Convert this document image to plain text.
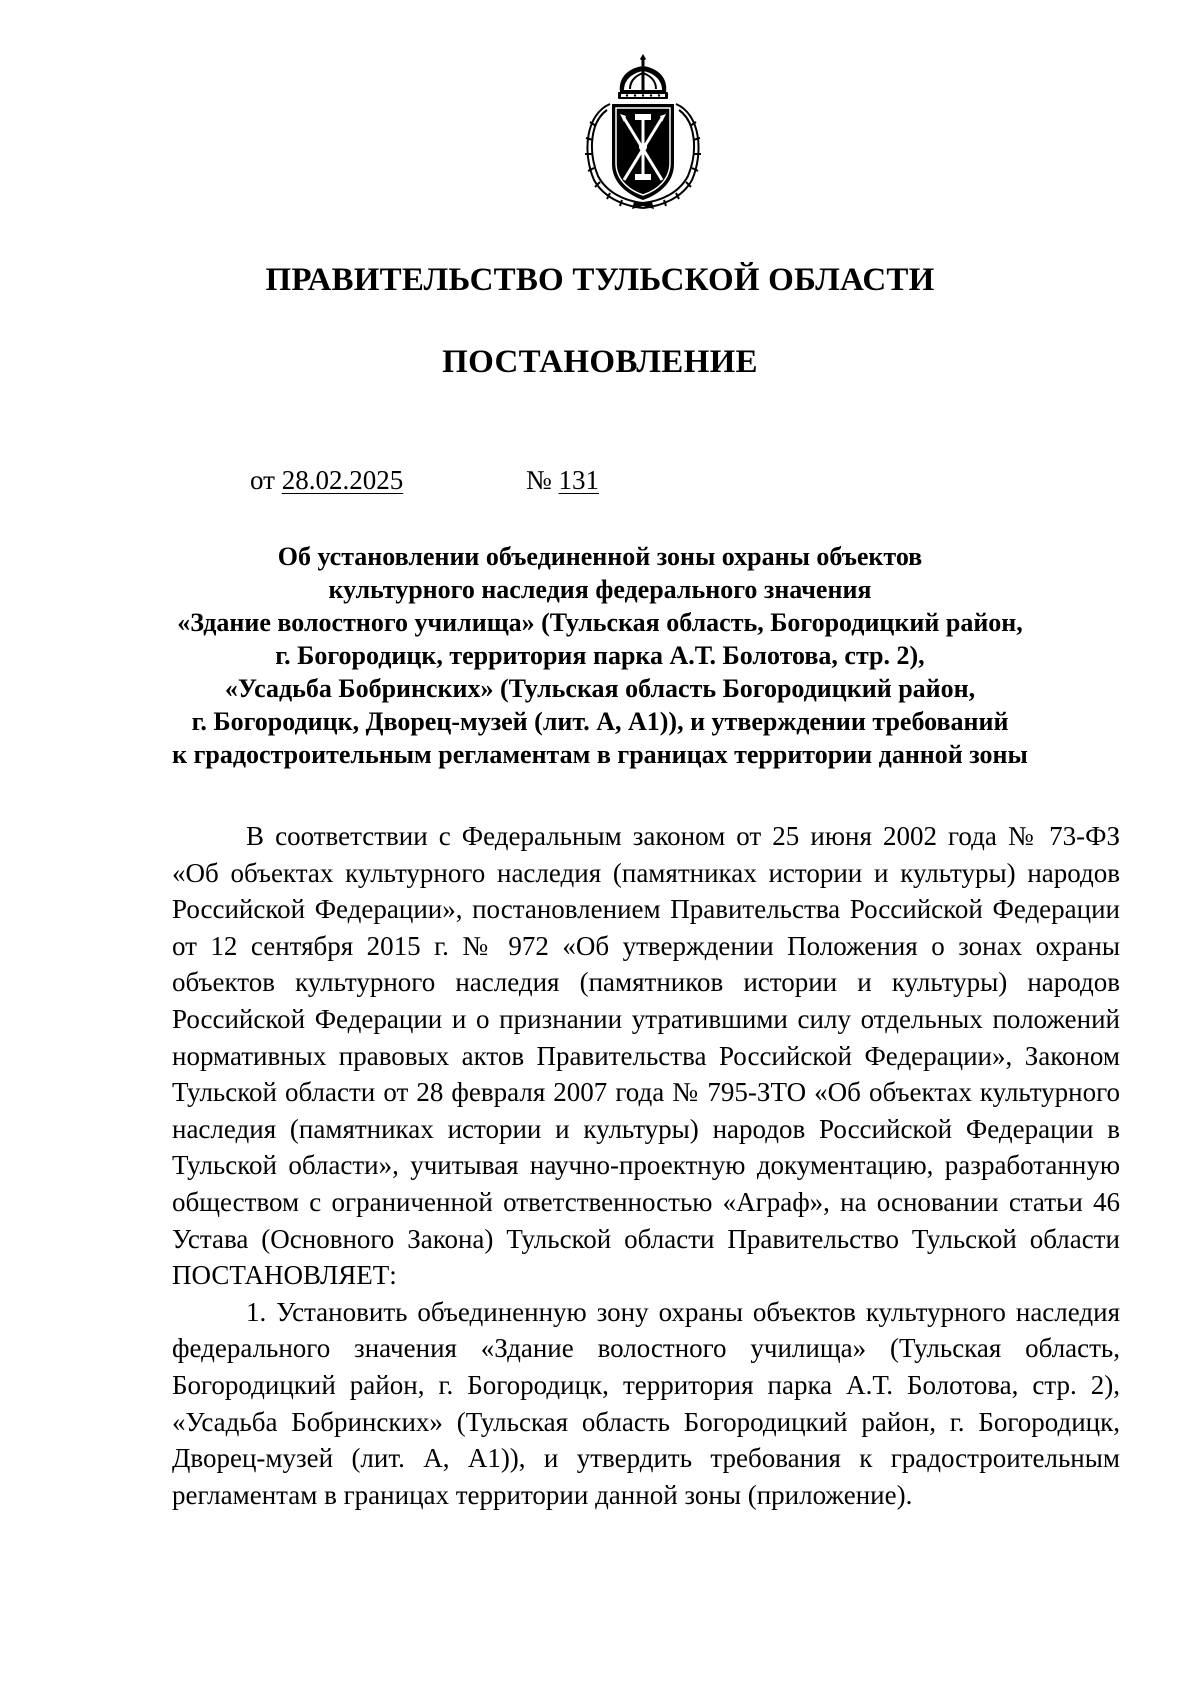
ПРАВИТЕЛЬСТВО ТУЛЬСКОЙ ОБЛАСТИ
ПОСТАНОВЛЕНИЕ
от 28.02.2025	№ 131
Об установлении объединенной зоны охраны объектов
культурного наследия федерального значения
«Здание волостного училища» (Тульская область, Богородицкий район,
г. Богородицк, территория парка А.Т. Болотова, стр. 2),
«Усадьба Бобринских» (Тульская область Богородицкий район,
г. Богородицк, Дворец-музей (лит. А, А1)), и утверждении требований
к градостроительным регламентам в границах территории данной зоны

В соответствии с Федеральным законом от 25 июня 2002 года № 73-ФЗ «Об объектах культурного наследия (памятниках истории и культуры) народов Российской Федерации», постановлением Правительства Российской Федерации от 12 сентября 2015 г. № 972 «Об утверждении Положения о зонах охраны объектов культурного наследия (памятников истории и культуры) народов Российской Федерации и о признании утратившими силу отдельных положений нормативных правовых актов Правительства Российской Федерации», Законом Тульской области от 28 февраля 2007 года № 795-ЗТО «Об объектах культурного наследия (памятниках истории и культуры) народов Российской Федерации в Тульской области», учитывая научно-проектную документацию, разработанную обществом с ограниченной ответственностью «Аграф», на основании статьи 46 Устава (Основного Закона) Тульской области Правительство Тульской области ПОСТАНОВЛЯЕТ:

1. Установить объединенную зону охраны объектов культурного наследия федерального значения «Здание волостного училища» (Тульская область, Богородицкий район, г. Богородицк, территория парка А.Т. Болотова, стр. 2), «Усадьба Бобринских» (Тульская область Богородицкий район, г. Богородицк, Дворец-музей (лит. А, А1)), и утвердить требования к градостроительным регламентам в границах территории данной зоны (приложение).
